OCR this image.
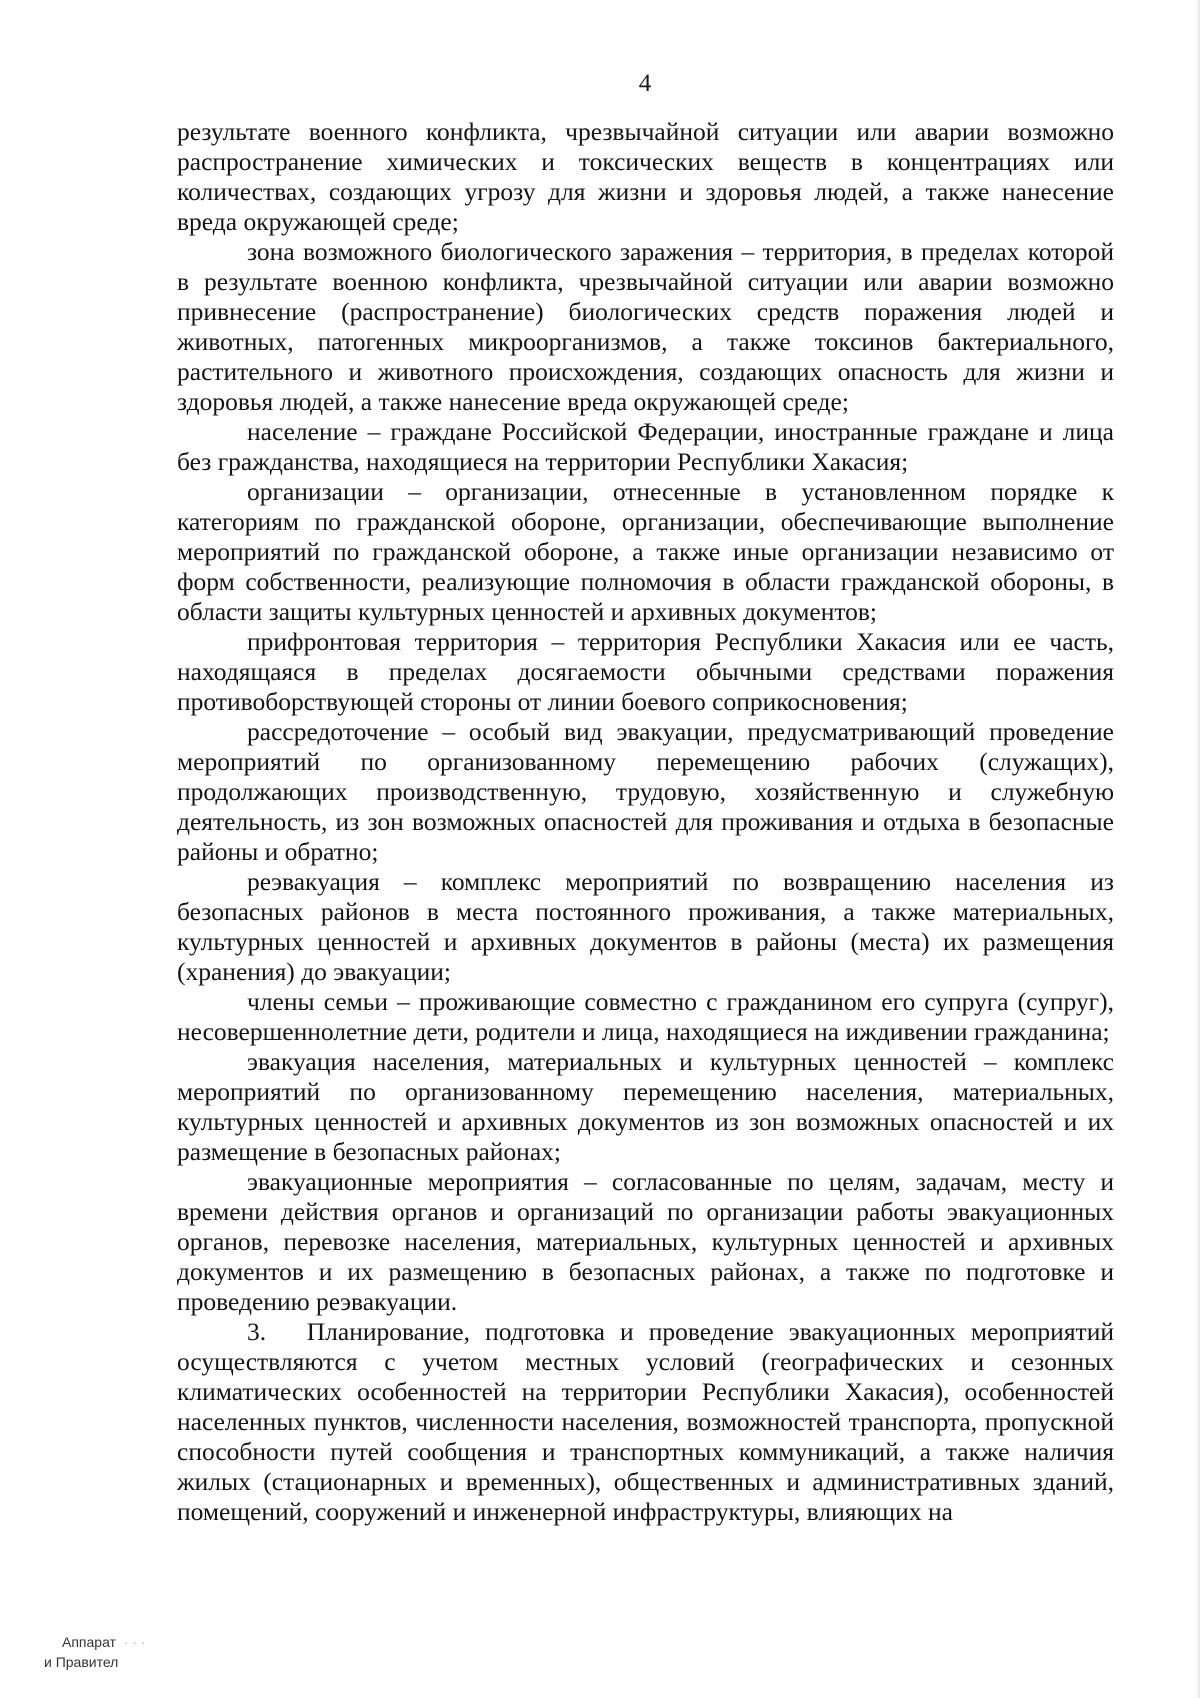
4

результате военного конфликта, чрезвычайной ситуации или аварии возможно распространение химических и токсических веществ в концентрациях или количествах, создающих угрозу для жизни и здоровья людей, а также нанесение вреда окружающей среде;

зона возможного биологического заражения – территория, в пределах которой в результате военною конфликта, чрезвычайной ситуации или аварии возможно привнесение (распространение) биологических средств поражения людей и животных, патогенных микроорганизмов, а также токсинов бактериального, растительного и животного происхождения, создающих опасность для жизни и здоровья людей, а также нанесение вреда окружающей среде;

население – граждане Российской Федерации, иностранные граждане и лица без гражданства, находящиеся на территории Республики Хакасия;

организации – организации, отнесенные в установленном порядке к категориям по гражданской обороне, организации, обеспечивающие выполнение мероприятий по гражданской обороне, а также иные организации независимо от форм собственности, реализующие полномочия в области гражданской обороны, в области защиты культурных ценностей и архивных документов;

прифронтовая территория – территория Республики Хакасия или ее часть, находящаяся в пределах досягаемости обычными средствами поражения противоборствующей стороны от линии боевого соприкосновения;

рассредоточение – особый вид эвакуации, предусматривающий проведение мероприятий по организованному перемещению рабочих (служащих), продолжающих производственную, трудовую, хозяйственную и служебную деятельность, из зон возможных опасностей для проживания и отдыха в безопасные районы и обратно;

реэвакуация – комплекс мероприятий по возвращению населения из безопасных районов в места постоянного проживания, а также материальных, культурных ценностей и архивных документов в районы (места) их размещения (хранения) до эвакуации;

члены семьи – проживающие совместно с гражданином его супруга (супруг), несовершеннолетние дети, родители и лица, находящиеся на иждивении гражданина;

эвакуация населения, материальных и культурных ценностей – комплекс мероприятий по организованному перемещению населения, материальных, культурных ценностей и архивных документов из зон возможных опасностей и их размещение в безопасных районах;

эвакуационные мероприятия – согласованные по целям, задачам, месту и времени действия органов и организаций по организации работы эвакуационных органов, перевозке населения, материальных, культурных ценностей и архивных документов и их размещению в безопасных районах, а также по подготовке и проведению реэвакуации.

3.  Планирование, подготовка и проведение эвакуационных мероприятий осуществляются с учетом местных условий (географических и сезонных климатических особенностей на территории Республики Хакасия), особенностей населенных пунктов, численности населения, возможностей транспорта, пропускной способности путей сообщения и транспортных коммуникаций, а также наличия жилых (стационарных и временных), общественных и административных зданий, помещений, сооружений и инженерной инфраструктуры, влияющих на

Аппарат  · · ·
и Правител
